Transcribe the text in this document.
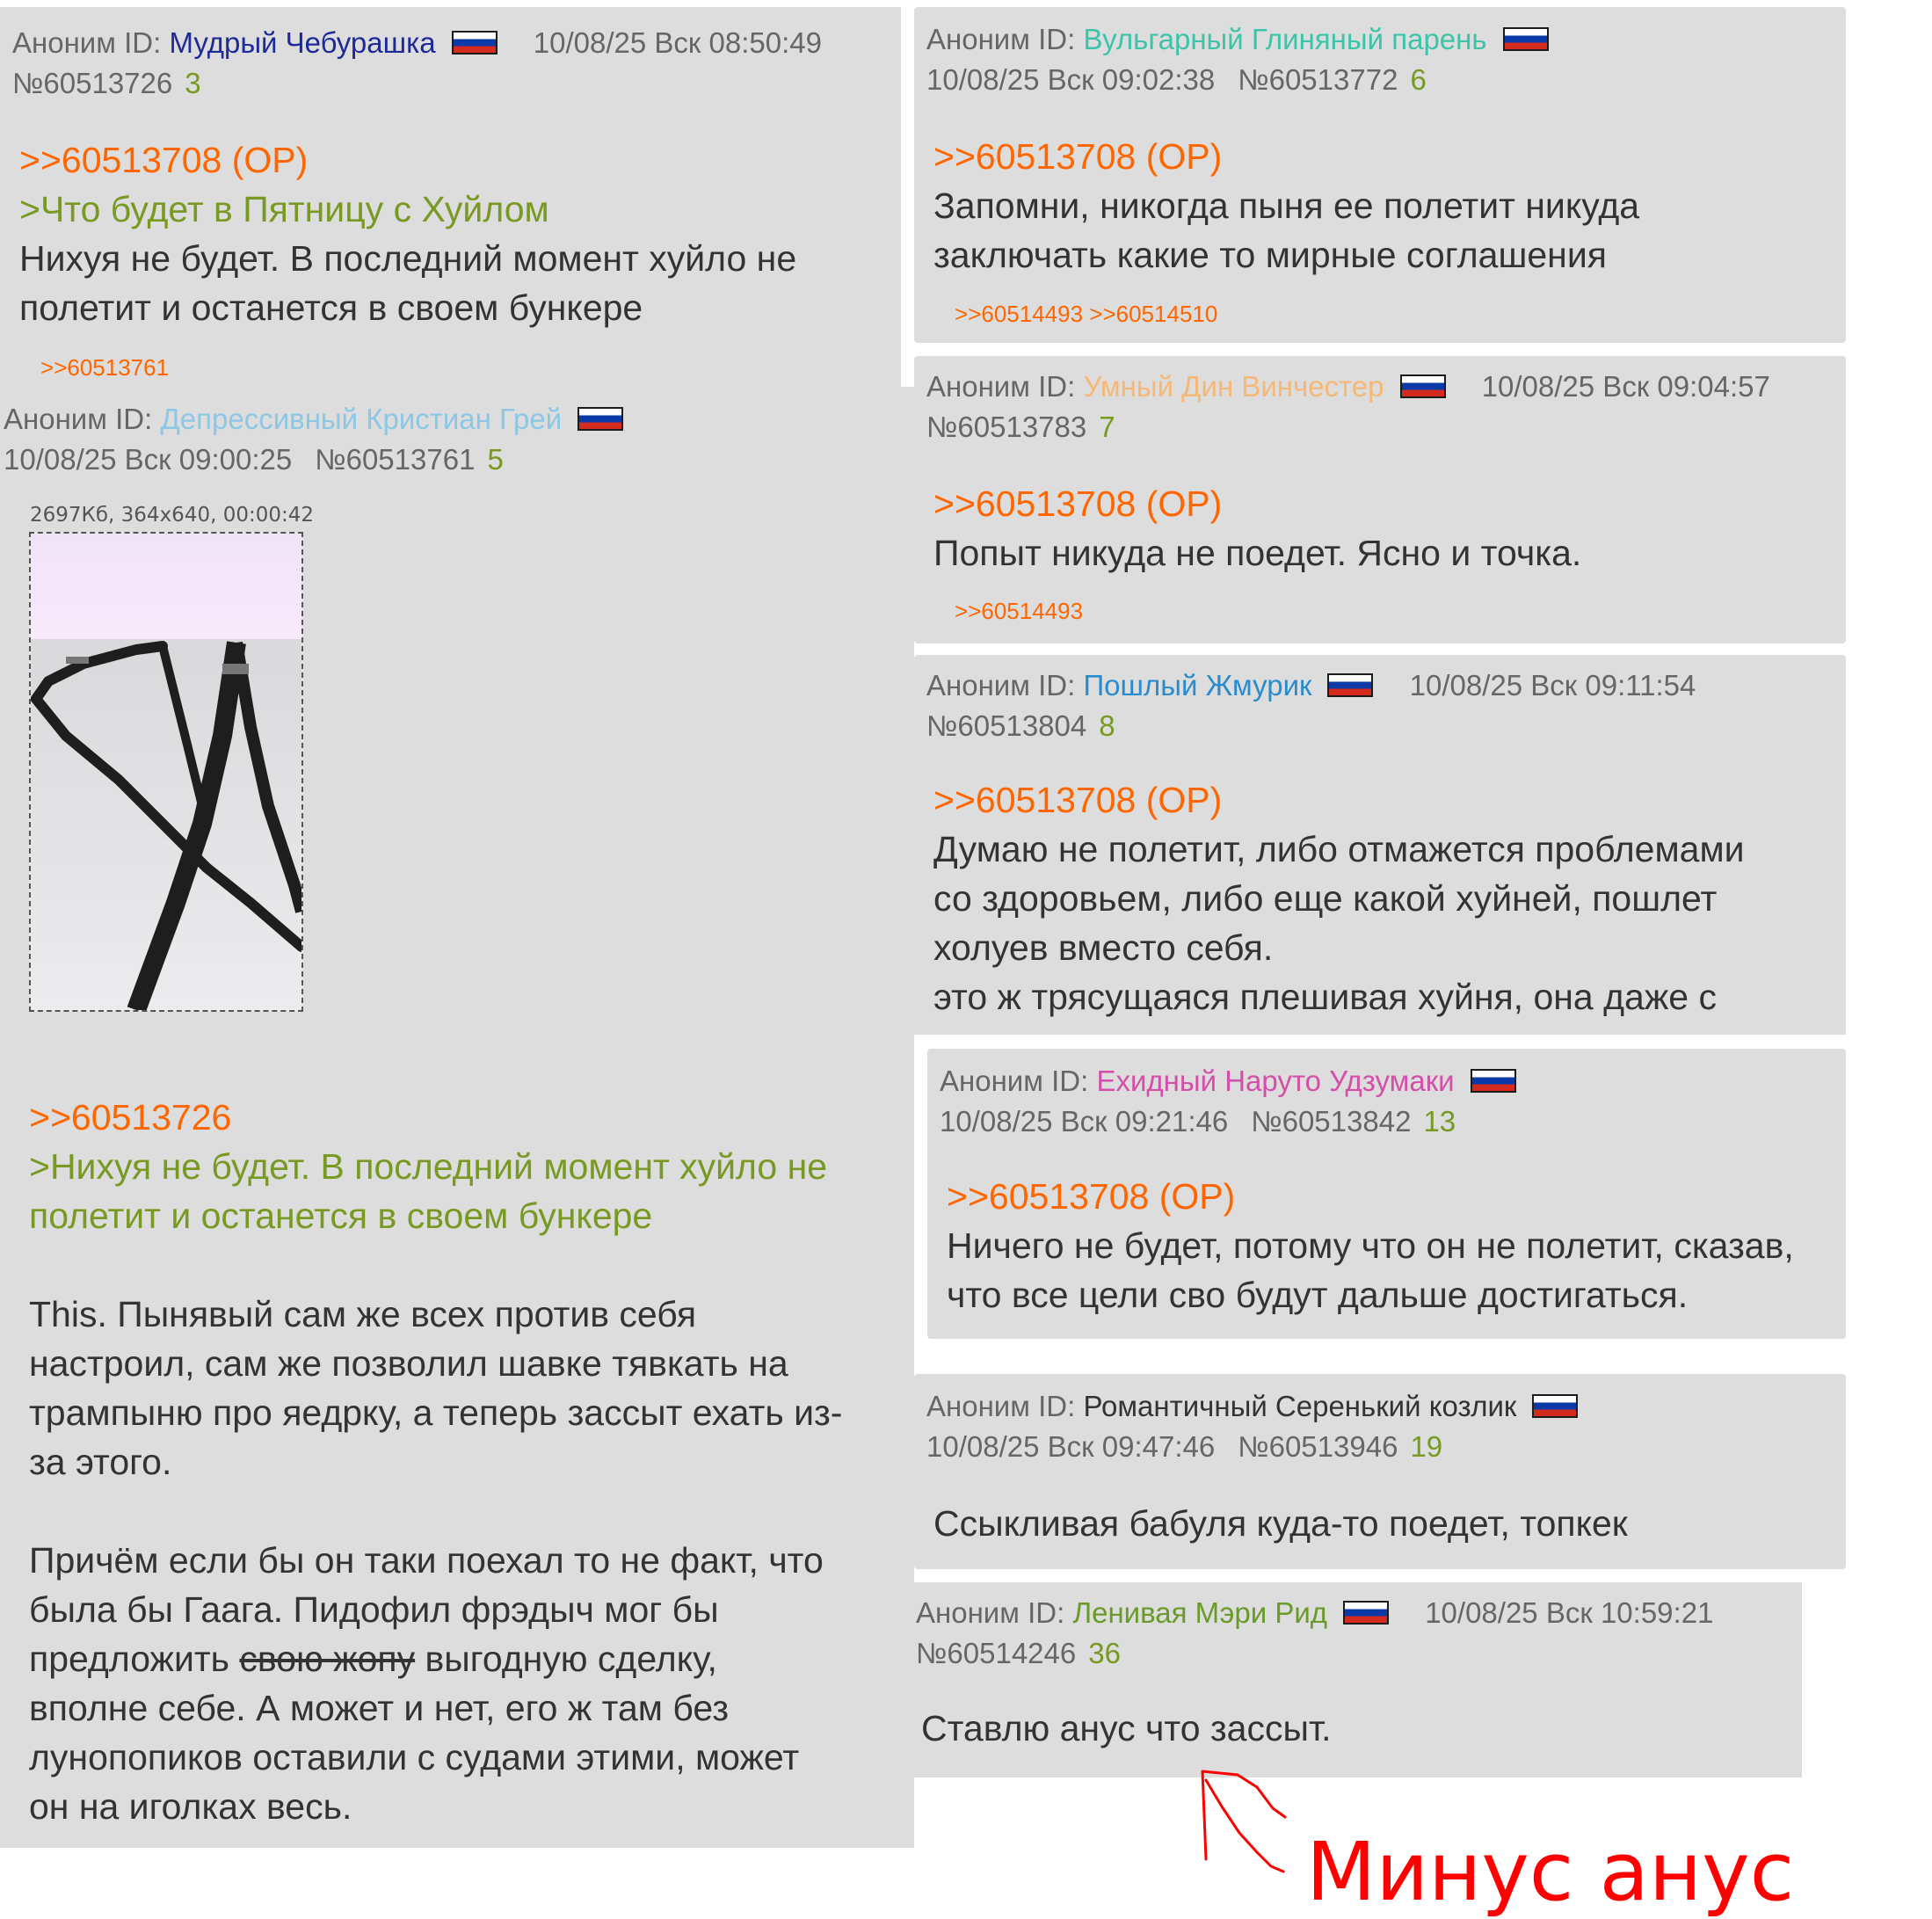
Аноним ID: Мудрый Чебурашка	10/08/25 Вск 08:50:49
№60513726 3
>>60513708 (OP)
>Что будет в Пятницу с Хуйлом
Нихуя не будет. В последний момент хуйло не
полетит и останется в своем бункере
>>60513761
Аноним ID: Депрессивный Кристиан Грей
10/08/25 Вск 09:00:25 №60513761 5
2697Кб, 364x640, 00:00:42
>>60513726
>Нихуя не будет. В последний момент хуйло не
полетит и останется в своем бункере

This. Пынявый сам же всех против себя
настроил, сам же позволил шавке тявкать на
трампыню про яедрку, а теперь зассыт ехать из-
за этого.

Причём если бы он таки поехал то не факт, что
была бы Гаага. Пидофил фрэдыч мог бы
предложить свою жопу выгодную сделку,
вполне себе. А может и нет, его ж там без
лунопопиков оставили с судами этими, может
он на иголках весь.
Аноним ID: Вульгарный Глиняный парень
10/08/25 Вск 09:02:38 №60513772 6
>>60513708 (OP)
Запомни, никогда пыня ее полетит никуда
заключать какие то мирные соглашения
>>60514493 >>60514510
Аноним ID: Умный Дин Винчестер	10/08/25 Вск 09:04:57
№60513783 7
>>60513708 (OP)
Попыт никуда не поедет. Ясно и точка.
>>60514493
Аноним ID: Пошлый Жмурик	10/08/25 Вск 09:11:54
№60513804 8
>>60513708 (OP)
Думаю не полетит, либо отмажется проблемами
со здоровьем, либо еще какой хуйней, пошлет
холуев вместо себя.
это ж трясущаяся плешивая хуйня, она даже с
Аноним ID: Ехидный Наруто Удзумаки
10/08/25 Вск 09:21:46 №60513842 13
>>60513708 (OP)
Ничего не будет, потому что он не полетит, сказав,
что все цели сво будут дальше достигаться.
Аноним ID: Романтичный Серенький козлик
10/08/25 Вск 09:47:46 №60513946 19
Ссыкливая бабуля куда-то поедет, топкек
Аноним ID: Ленивая Мэри Рид	10/08/25 Вск 10:59:21
№60514246 36
Ставлю анус что зассыт.
Минус анус
